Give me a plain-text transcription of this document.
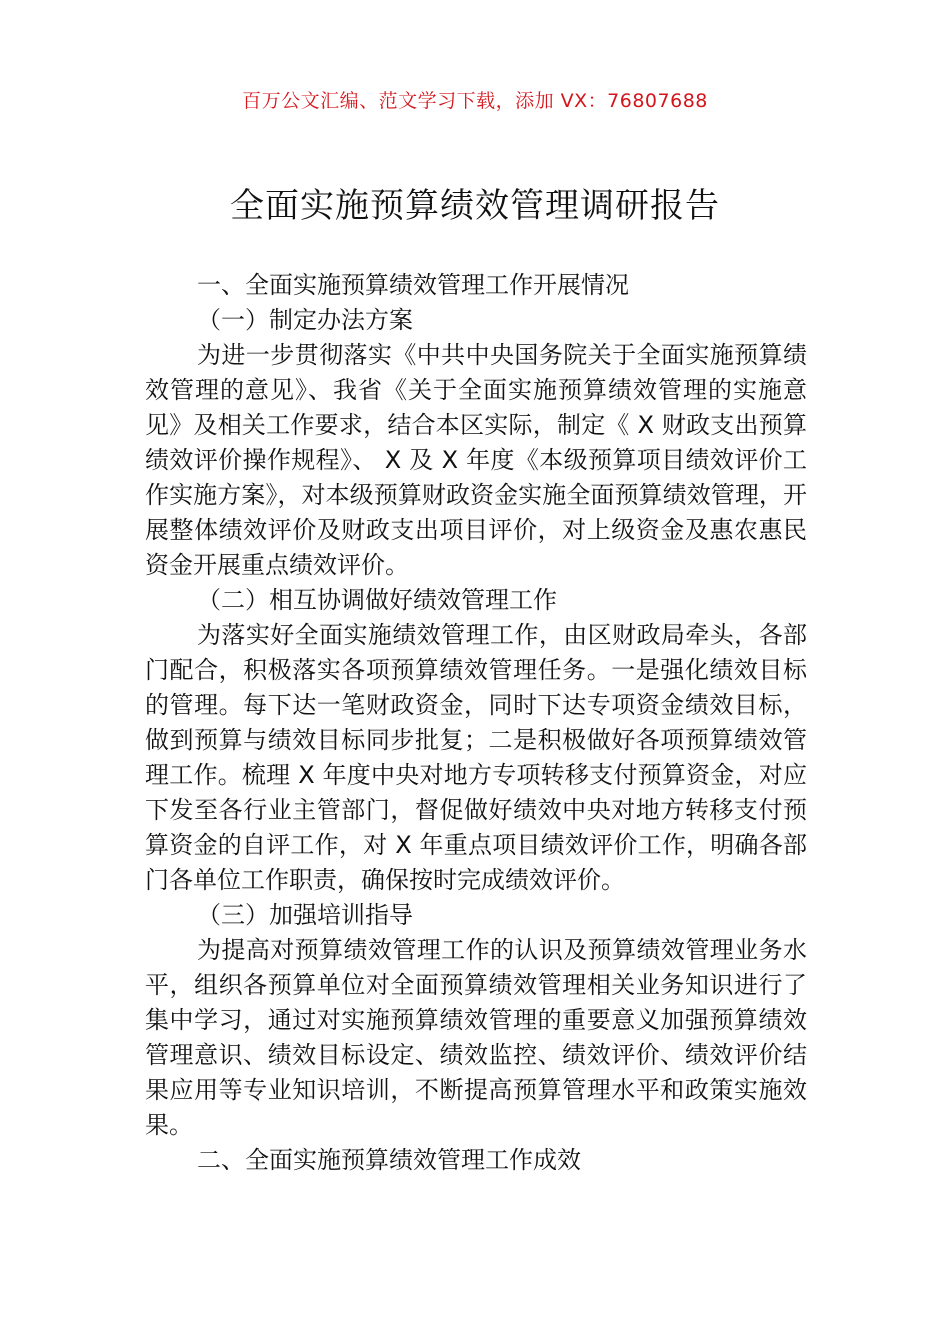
百万公文汇编、范文学习下载，添加 VX：76807688
全面实施预算绩效管理调研报告

一、全面实施预算绩效管理工作开展情况

（一）制定办法方案

为进一步贯彻落实《中共中央国务院关于全面实施预算绩效管理的意见》、我省《关于全面实施预算绩效管理的实施意见》及相关工作要求，结合本区实际，制定《 X 财政支出预算绩效评价操作规程》、 X 及 X 年度《本级预算项目绩效评价工作实施方案》，对本级预算财政资金实施全面预算绩效管理，开展整体绩效评价及财政支出项目评价，对上级资金及惠农惠民资金开展重点绩效评价。

（二）相互协调做好绩效管理工作

为落实好全面实施绩效管理工作，由区财政局牵头，各部门配合，积极落实各项预算绩效管理任务。一是强化绩效目标的管理。每下达一笔财政资金，同时下达专项资金绩效目标，做到预算与绩效目标同步批复；二是积极做好各项预算绩效管理工作。梳理 X 年度中央对地方专项转移支付预算资金，对应下发至各行业主管部门，督促做好绩效中央对地方转移支付预算资金的自评工作，对 X 年重点项目绩效评价工作，明确各部门各单位工作职责，确保按时完成绩效评价。

（三）加强培训指导

为提高对预算绩效管理工作的认识及预算绩效管理业务水平，组织各预算单位对全面预算绩效管理相关业务知识进行了集中学习，通过对实施预算绩效管理的重要意义加强预算绩效管理意识、绩效目标设定、绩效监控、绩效评价、绩效评价结果应用等专业知识培训，不断提高预算管理水平和政策实施效果。

二、全面实施预算绩效管理工作成效
